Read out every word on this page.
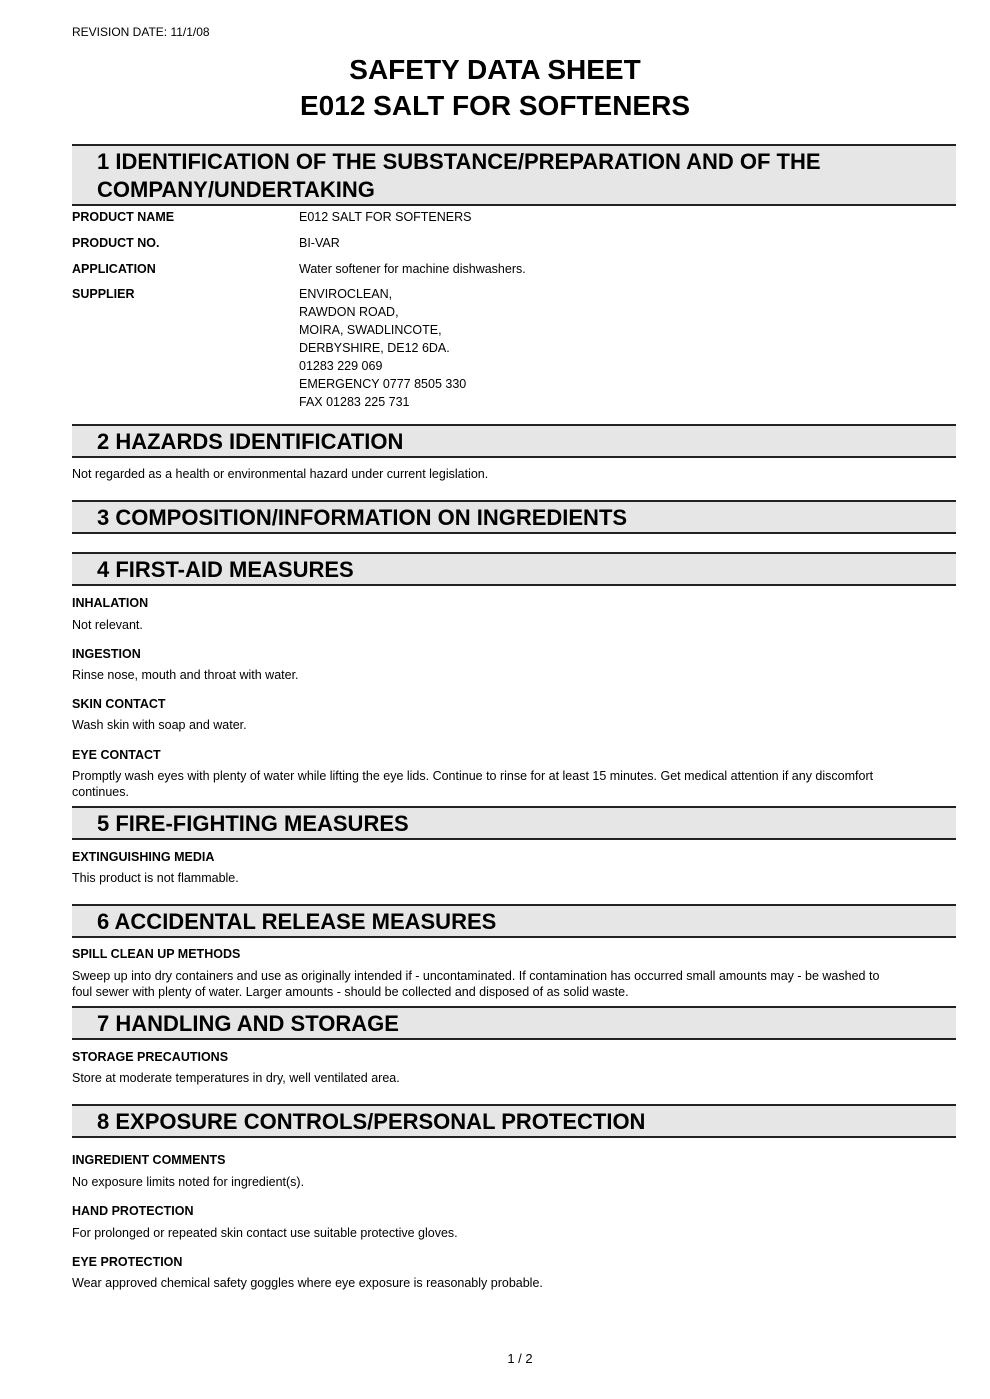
REVISION DATE: 11/1/08
SAFETY DATA SHEET
E012 SALT FOR SOFTENERS
1 IDENTIFICATION OF THE SUBSTANCE/PREPARATION AND OF THE
COMPANY/UNDERTAKING
PRODUCT NAME	E012 SALT FOR SOFTENERS
PRODUCT NO.	BI-VAR
APPLICATION	Water softener for machine dishwashers.
SUPPLIER	ENVIROCLEAN,
RAWDON ROAD,
MOIRA, SWADLINCOTE,
DERBYSHIRE, DE12 6DA.
01283 229 069
EMERGENCY 0777 8505 330
FAX 01283 225 731
2 HAZARDS IDENTIFICATION
Not regarded as a health or environmental hazard under current legislation.
3 COMPOSITION/INFORMATION ON INGREDIENTS
4 FIRST-AID MEASURES
INHALATION
Not relevant.
INGESTION
Rinse nose, mouth and throat with water.
SKIN CONTACT
Wash skin with soap and water.
EYE CONTACT
Promptly wash eyes with plenty of water while lifting the eye lids. Continue to rinse for at least 15 minutes. Get medical attention if any discomfort continues.
5 FIRE-FIGHTING MEASURES
EXTINGUISHING MEDIA
This product is not flammable.
6 ACCIDENTAL RELEASE MEASURES
SPILL CLEAN UP METHODS
Sweep up into dry containers and use as originally intended if - uncontaminated. If contamination has occurred small amounts may - be washed to foul sewer with plenty of water. Larger amounts - should be collected and disposed of as solid waste.
7 HANDLING AND STORAGE
STORAGE PRECAUTIONS
Store at moderate temperatures in dry, well ventilated area.
8 EXPOSURE CONTROLS/PERSONAL PROTECTION
INGREDIENT COMMENTS
No exposure limits noted for ingredient(s).
HAND PROTECTION
For prolonged or repeated skin contact use suitable protective gloves.
EYE PROTECTION
Wear approved chemical safety goggles where eye exposure is reasonably probable.
1 / 2
